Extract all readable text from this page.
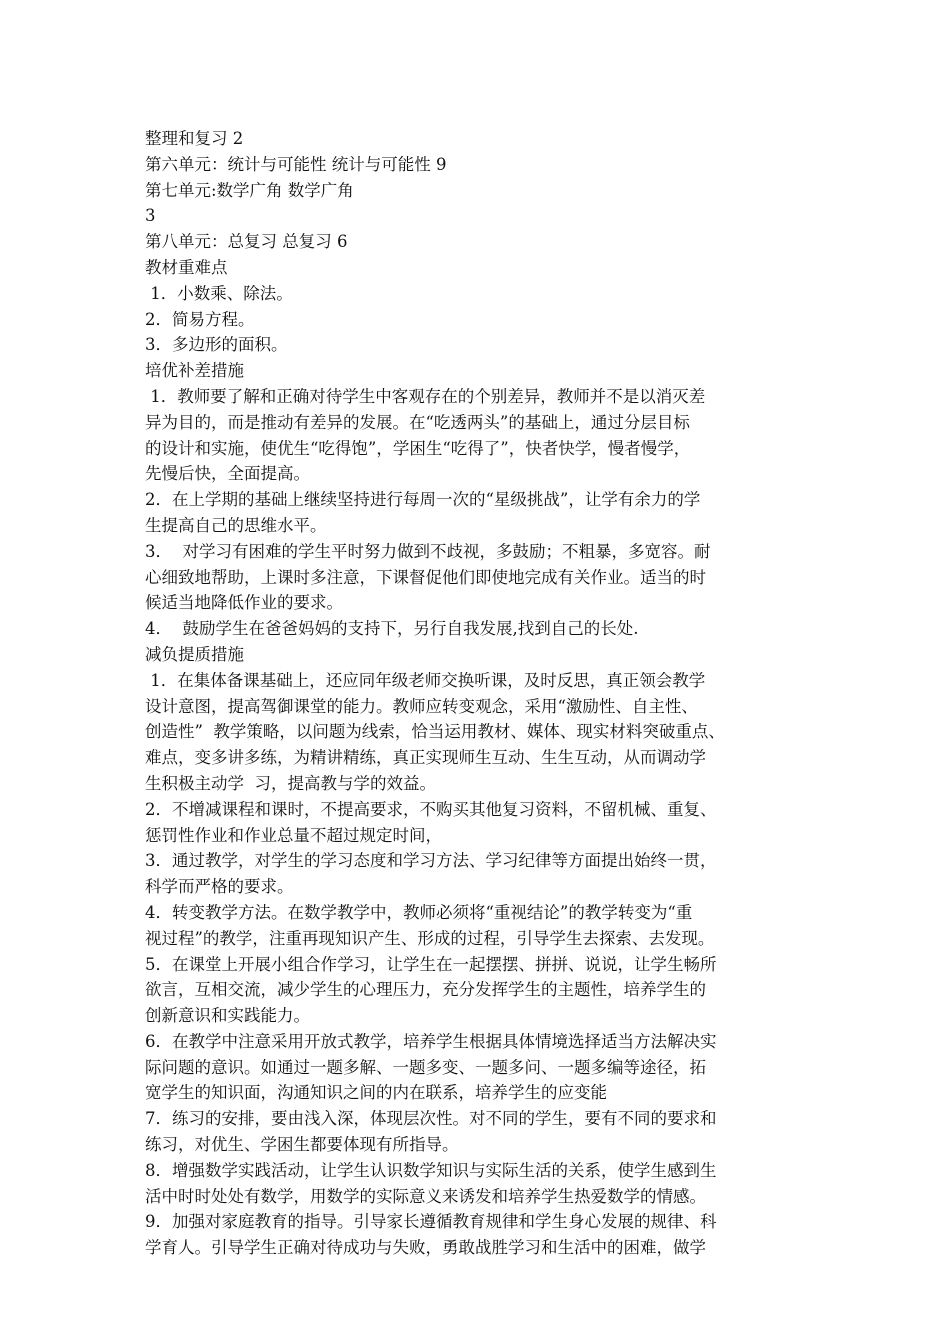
整理和复习 2
第六单元：统计与可能性 统计与可能性 9
第七单元:数学广角 数学广角
3
第八单元：总复习 总复习 6
教材重难点
1．小数乘、除法。
2．简易方程。
3．多边形的面积。
培优补差措施
1．教师要了解和正确对待学生中客观存在的个别差异，教师并不是以消灭差
异为目的，而是推动有差异的发展。在“吃透两头”的基础上，通过分层目标
的设计和实施，使优生“吃得饱”，学困生“吃得了”，快者快学，慢者慢学，
先慢后快，全面提高。
2．在上学期的基础上继续坚持进行每周一次的“星级挑战”，让学有余力的学
生提高自己的思维水平。
3．  对学习有困难的学生平时努力做到不歧视，多鼓励；不粗暴，多宽容。耐
心细致地帮助，上课时多注意，下课督促他们即使地完成有关作业。适当的时
候适当地降低作业的要求。
4．  鼓励学生在爸爸妈妈的支持下，另行自我发展,找到自己的长处.
减负提质措施
1．在集体备课基础上，还应同年级老师交换听课，及时反思，真正领会教学
设计意图，提高驾御课堂的能力。教师应转变观念，采用“激励性、自主性、
创造性”  教学策略，以问题为线索，恰当运用教材、媒体、现实材料突破重点、
难点，变多讲多练，为精讲精练，真正实现师生互动、生生互动，从而调动学
生积极主动学  习，提高教与学的效益。
2．不增减课程和课时，不提高要求，不购买其他复习资料，不留机械、重复、
惩罚性作业和作业总量不超过规定时间，
3．通过教学，对学生的学习态度和学习方法、学习纪律等方面提出始终一贯，
科学而严格的要求。
4．转变教学方法。在数学教学中，教师必须将“重视结论”的教学转变为“重
视过程”的教学，注重再现知识产生、形成的过程，引导学生去探索、去发现。
5．在课堂上开展小组合作学习，让学生在一起摆摆、拼拼、说说，让学生畅所
欲言，互相交流，减少学生的心理压力，充分发挥学生的主题性，培养学生的
创新意识和实践能力。
6．在教学中注意采用开放式教学，培养学生根据具体情境选择适当方法解决实
际问题的意识。如通过一题多解、一题多变、一题多问、一题多编等途径，拓
宽学生的知识面，沟通知识之间的内在联系，培养学生的应变能
7．练习的安排，要由浅入深，体现层次性。对不同的学生，要有不同的要求和
练习，对优生、学困生都要体现有所指导。
8．增强数学实践活动，让学生认识数学知识与实际生活的关系，使学生感到生
活中时时处处有数学，用数学的实际意义来诱发和培养学生热爱数学的情感。
9．加强对家庭教育的指导。引导家长遵循教育规律和学生身心发展的规律、科
学育人。引导学生正确对待成功与失败，勇敢战胜学习和生活中的困难，做学
